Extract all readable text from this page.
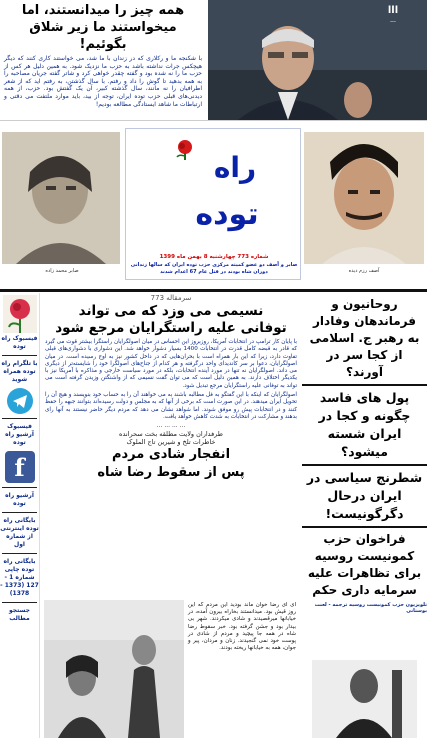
همه چیز را میدانستند، اما
میخواستند ما زیر شلاق بگوئیم!
با شکنجه ما و رکلاری که در زندان با ما شد، می خواستند کاری کنند که دیگر هیچکس جرات نداشته باشد به حزب ما نزدیک شود. به همین دلیل هر کس از حزب ما را نه شده بود و گفته چقدر خواهی کرد و شاتر گفته جریان مصاحبه را به همه بدهید تا گوش را داد و رفتم. با سال گذشتن، به رفتم اید که از شعر اطرافیان را نه مانند، سال گذشته کبیر، آن یک گفتش بود. حزب، از همه دیدنی‌های قبلی حزب توده ایران، توجه از بید، باید موارد ملتفت می دقتی و ارتباطات ما شاهد ایستادگی مطالعه بودیم!
ااا
...
صابر محمد زاده
راه
توده
شماره 773 چهارشنبه 8 بهمن ماه 1399
صابر و آصف دو عضو کمیته مرکزی حزب توده ایران که سالها زندانی دوران شاه بودند در قتل عام 67 اعدام شدند	آصف رزم دیده
فیسبوک راه توده
با تلگرام راه توده همراه شوید
فیسبوک آرشیو راه توده
f
آرشیو راه توده
بایگانی راه توده اینترنتی از شماره اول
بایگانی راه توده چاپی شماره 1 - 127 (1373 - 1378)
جستجو مطالب
سرمقاله 773
نسیمی می وزد که می تواند
توفانی علیه راستگرایان مرجع شود
با پایان کار ترامپ در انتخابات آمریکا، روزبروز این احساس در میان اصولگرایان راستگرا بیشتر قوت می گیرد که قادر به قبضه کامل قدرت در انتخابات 1400 بسیار دشوار خواهد شد. این دشواری با دشواری‌های قبلی تفاوت دارد، زیرا که این بار همراه است با بحران‌هایی که در داخل کشور نیز به اوج رسیده است. در میان اصولگرایان، دعوا بر سر کاندیدای واحد درگرفته و هر کدام از جناح‌های اصولگرا خود را شایسته‌تر از دیگری می داند. اصولگرایان نه تنها در مورد آینده انتخابات، بلکه در مورد سیاست خارجی و مذاکره با آمریکا نیز با یکدیگر اختلاف دارند. به همین دلیل است که می توان گفت نسیمی که از واشنگتن وزیدن گرفته است می تواند به توفانی علیه راستگرایان مرجع تبدیل شود.
اصولگرایان که اینکه با این گفتگو به فل مطالبه باشند به می خواهند آن را به حساب خود بنویسند و هیچ آن را تحویل ایران میدهند. در این صورت است که برخی از آنها که به مجلس و دولت رسیده‌اند بتوانند جبهه را حفظ کنند و در انتخابات پیش رو موفق شوند. اما شواهد نشان می دهد که مردم دیگر حاضر نیستند به آنها رای بدهند و مشارکت در انتخابات به شدت کاهش خواهد یافت.
... ... ... ...
طرفداران ولایت مطلقه بخت سحرانده
خاطرات تلخ و شیرین تاج الملوک
انفجار شادی مردم
پس از سقوط رضا شاه
ای ای رضا خوان ماند بودید این مردم که این روز قیش بود. میدانستند بخاراه بیرون آمده، در خیابانها میرقصیدند و شادی میکردند. شهر بی بیدار بود و جشن گرفته بود. خبر سقوط رضا شاه در همه جا پیچید و مردم از شادی در پوست خود نمی گنجیدند. زنان و مردان، پیر و جوان، همه به خیابانها ریخته بودند.
روحانیون و فرماندهان وفادار به رهبر ج. اسلامی از کجا سر در آورند؟
پول های فاسد چگونه و کجا در ایران شسته میشود؟
شطرنج سیاسی در ایران درحال دگرگونیست!
فراخوان حزب کمونیست روسیه برای تظاهرات علیه سرمایه داری حکم
تلویزیون حزب کمونیست روسیه ترجمه - لعنت بوستانی
